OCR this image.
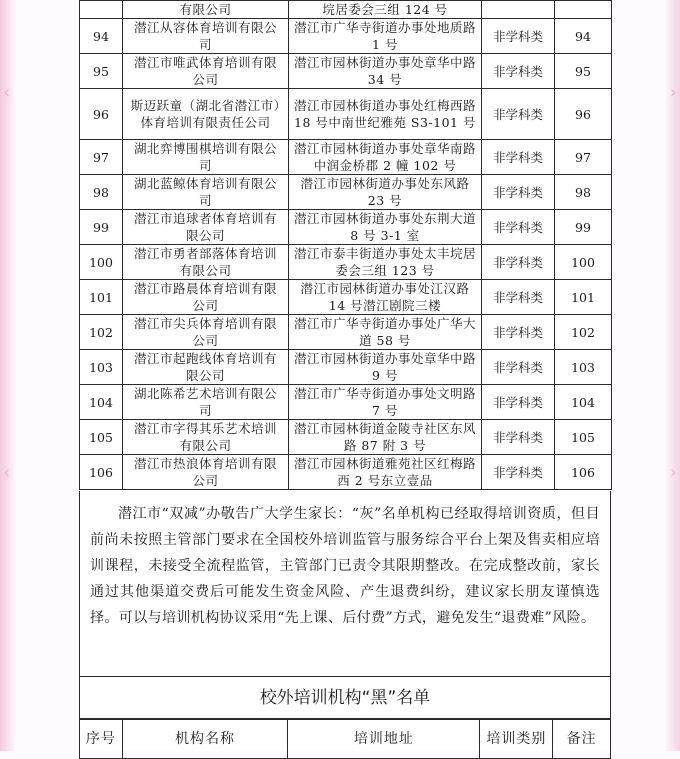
‹	›
‹	›
	有限公司	垸居委会三组 124 号		
94	潜江从容体育培训有限公司	潜江市广华寺街道办事处地质路 1 号	非学科类	94
95	潜江市唯武体育培训有限公司	潜江市园林街道办事处章华中路 34 号	非学科类	95
96	斯迈跃童（湖北省潜江市）体育培训有限责任公司	潜江市园林街道办事处红梅西路 18 号中南世纪雅苑 S3-101 号	非学科类	96
97	湖北弈博围棋培训有限公司	潜江市园林街道办事处章华南路中润金桥郡 2 幢 102 号	非学科类	97
98	湖北蓝鲸体育培训有限公司	潜江市园林街道办事处东风路 23 号	非学科类	98
99	潜江市追球者体育培训有限公司	潜江市园林街道办事处东荆大道 8 号 3-1 室	非学科类	99
100	潜江市勇者部落体育培训有限公司	潜江市泰丰街道办事处太丰垸居委会三组 123 号	非学科类	100
101	潜江市路晨体育培训有限公司	潜江市园林街道办事处江汉路 14 号潜江剧院三楼	非学科类	101
102	潜江市尖兵体育培训有限公司	潜江市广华寺街道办事处广华大道 58 号	非学科类	102
103	潜江市起跑线体育培训有限公司	潜江市园林街道办事处章华中路 9 号	非学科类	103
104	湖北陈希艺术培训有限公司	潜江市广华寺街道办事处文明路 7 号	非学科类	104
105	潜江市字得其乐艺术培训有限公司	潜江市园林街道金陵寺社区东风路 87 附 3 号	非学科类	105
106	潜江市热浪体育培训有限公司	潜江市园林街道雅苑社区红梅路西 2 号东立壹品	非学科类	106

潜江市“双减”办敬告广大学生家长：“灰”名单机构已经取得培训资质，但目前尚未按照主管部门要求在全国校外培训监管与服务综合平台上架及售卖相应培训课程，未接受全流程监管，主管部门已责令其限期整改。在完成整改前，家长通过其他渠道交费后可能发生资金风险、产生退费纠纷，建议家长朋友谨慎选择。可以与培训机构协议采用“先上课、后付费”方式，避免发生“退费难”风险。

校外培训机构“黑”名单
序号	机构名称	培训地址	培训类别	备注
